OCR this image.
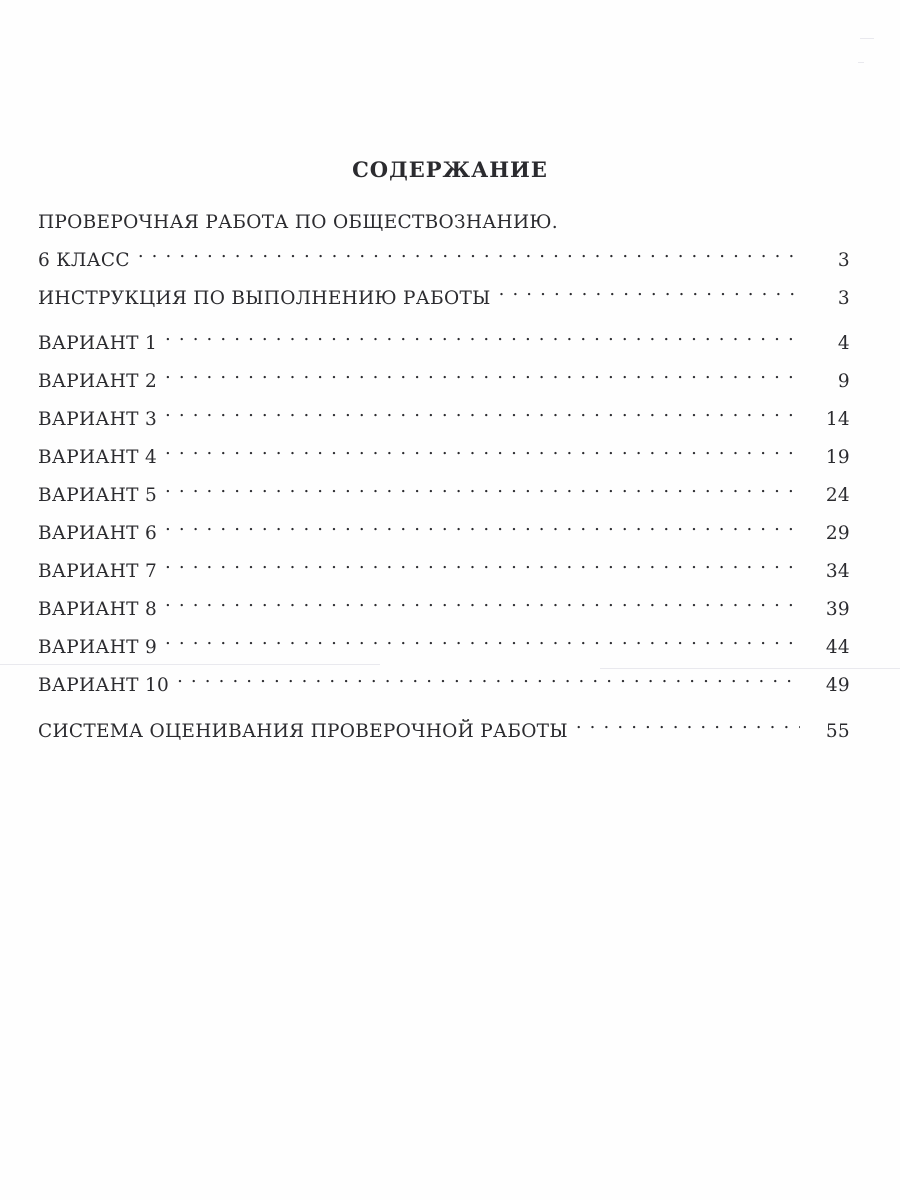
СОДЕРЖАНИЕ
ПРОВЕРОЧНАЯ РАБОТА ПО ОБЩЕСТВОЗНАНИЮ.
6 КЛАСС . . .	3
ИНСТРУКЦИЯ ПО ВЫПОЛНЕНИЮ РАБОТЫ . . .	3
ВАРИАНТ 1 . . .	4
ВАРИАНТ 2 . . .	9
ВАРИАНТ 3 . . .	14
ВАРИАНТ 4 . . .	19
ВАРИАНТ 5 . . .	24
ВАРИАНТ 6 . . .	29
ВАРИАНТ 7 . . .	34
ВАРИАНТ 8 . . .	39
ВАРИАНТ 9 . . .	44
ВАРИАНТ 10 . . .	49
СИСТЕМА ОЦЕНИВАНИЯ ПРОВЕРОЧНОЙ РАБОТЫ . . .	55
